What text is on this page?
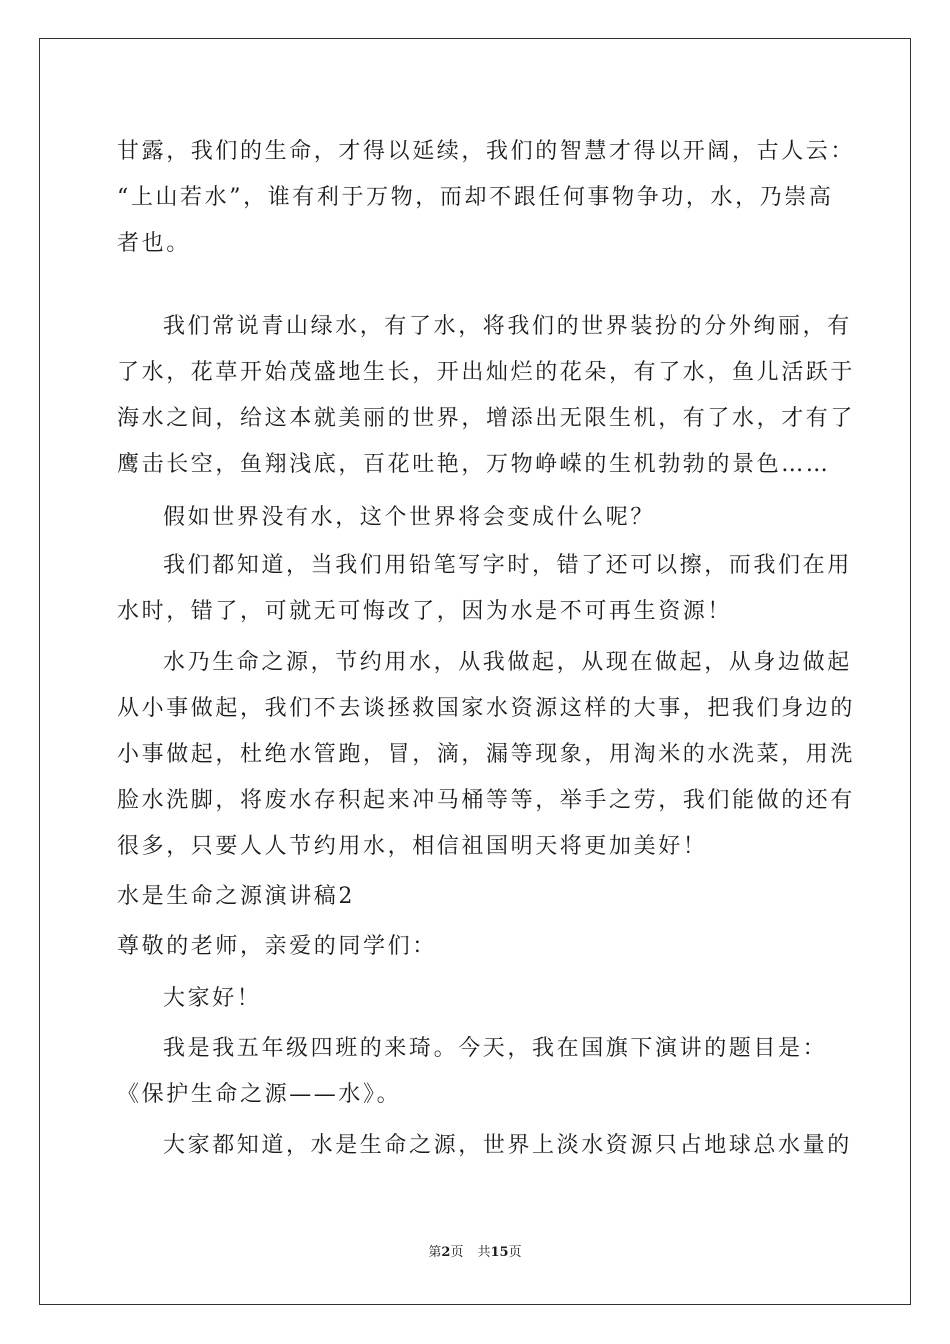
甘露，我们的生命，才得以延续，我们的智慧才得以开阔，古人云：
“上山若水”，谁有利于万物，而却不跟任何事物争功，水，乃崇高
者也。
我们常说青山绿水，有了水，将我们的世界装扮的分外绚丽，有
了水，花草开始茂盛地生长，开出灿烂的花朵，有了水，鱼儿活跃于
海水之间，给这本就美丽的世界，增添出无限生机，有了水，才有了
鹰击长空，鱼翔浅底，百花吐艳，万物峥嵘的生机勃勃的景色……
假如世界没有水，这个世界将会变成什么呢？
我们都知道，当我们用铅笔写字时，错了还可以擦，而我们在用
水时，错了，可就无可悔改了，因为水是不可再生资源！
水乃生命之源，节约用水，从我做起，从现在做起，从身边做起
从小事做起，我们不去谈拯救国家水资源这样的大事，把我们身边的
小事做起，杜绝水管跑，冒，滴，漏等现象，用淘米的水洗菜，用洗
脸水洗脚，将废水存积起来冲马桶等等，举手之劳，我们能做的还有
很多，只要人人节约用水，相信祖国明天将更加美好！
水是生命之源演讲稿2
尊敬的老师，亲爱的同学们：
大家好！
我是我五年级四班的来琦。今天，我在国旗下演讲的题目是：
《保护生命之源——水》。
大家都知道，水是生命之源，世界上淡水资源只占地球总水量的
第2页 共15页
